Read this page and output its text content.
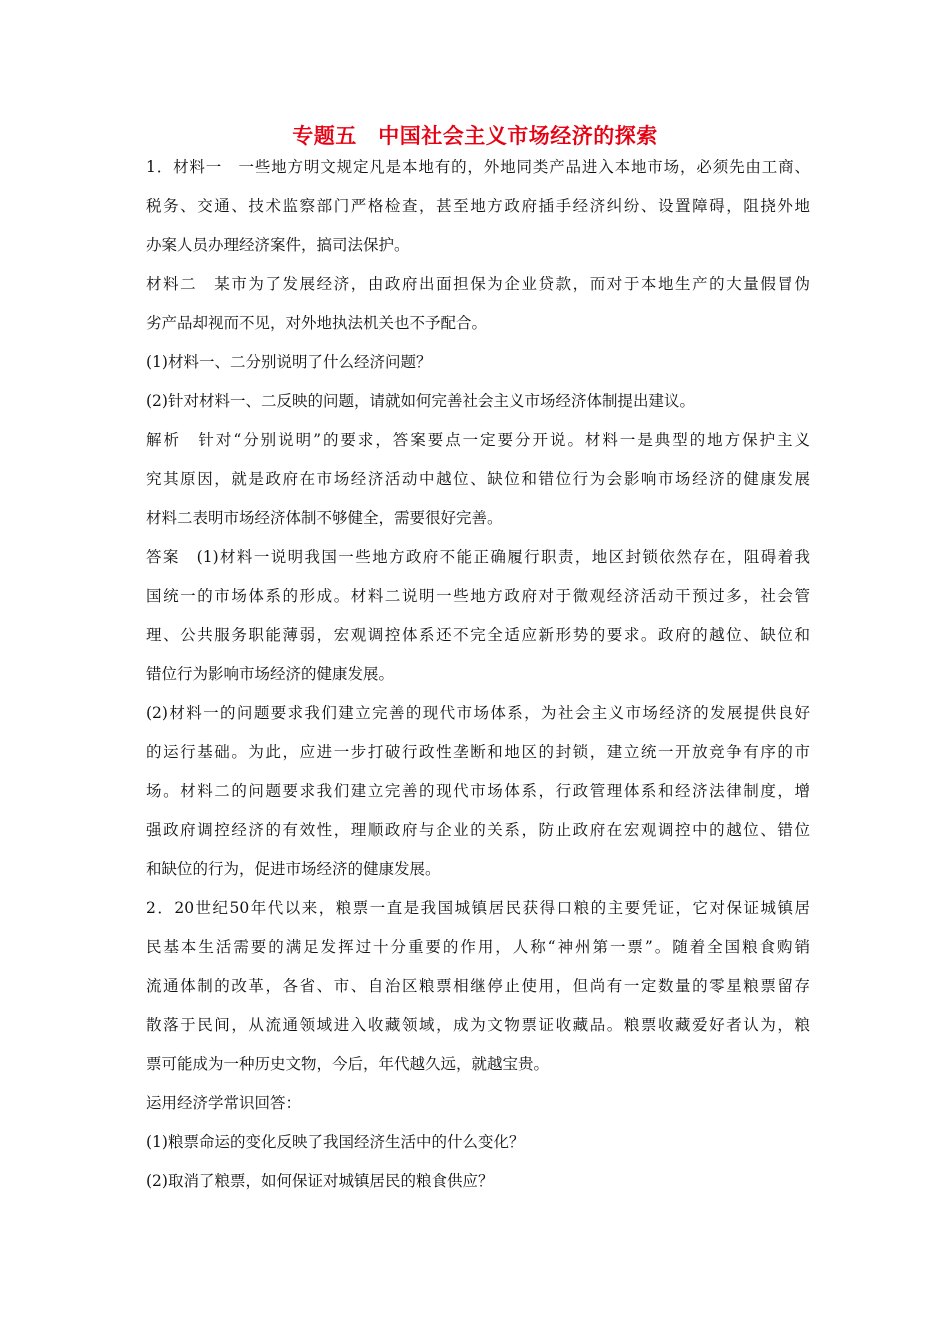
专题五　中国社会主义市场经济的探索

1．材料一　一些地方明文规定凡是本地有的，外地同类产品进入本地市场，必须先由工商、

税务、交通、技术监察部门严格检查，甚至地方政府插手经济纠纷、设置障碍，阻挠外地

办案人员办理经济案件，搞司法保护。

材料二　某市为了发展经济，由政府出面担保为企业贷款，而对于本地生产的大量假冒伪

劣产品却视而不见，对外地执法机关也不予配合。

(1)材料一、二分别说明了什么经济问题？

(2)针对材料一、二反映的问题，请就如何完善社会主义市场经济体制提出建议。

解析　针对“分别说明”的要求，答案要点一定要分开说。材料一是典型的地方保护主义

究其原因，就是政府在市场经济活动中越位、缺位和错位行为会影响市场经济的健康发展

材料二表明市场经济体制不够健全，需要很好完善。

答案　(1)材料一说明我国一些地方政府不能正确履行职责，地区封锁依然存在，阻碍着我

国统一的市场体系的形成。材料二说明一些地方政府对于微观经济活动干预过多，社会管

理、公共服务职能薄弱，宏观调控体系还不完全适应新形势的要求。政府的越位、缺位和

错位行为影响市场经济的健康发展。

(2)材料一的问题要求我们建立完善的现代市场体系，为社会主义市场经济的发展提供良好

的运行基础。为此，应进一步打破行政性垄断和地区的封锁，建立统一开放竞争有序的市

场。材料二的问题要求我们建立完善的现代市场体系，行政管理体系和经济法律制度，增

强政府调控经济的有效性，理顺政府与企业的关系，防止政府在宏观调控中的越位、错位

和缺位的行为，促进市场经济的健康发展。

2．20世纪50年代以来，粮票一直是我国城镇居民获得口粮的主要凭证，它对保证城镇居

民基本生活需要的满足发挥过十分重要的作用，人称“神州第一票”。随着全国粮食购销

流通体制的改革，各省、市、自治区粮票相继停止使用，但尚有一定数量的零星粮票留存

散落于民间，从流通领域进入收藏领域，成为文物票证收藏品。粮票收藏爱好者认为，粮

票可能成为一种历史文物，今后，年代越久远，就越宝贵。

运用经济学常识回答：

(1)粮票命运的变化反映了我国经济生活中的什么变化？

(2)取消了粮票，如何保证对城镇居民的粮食供应？
